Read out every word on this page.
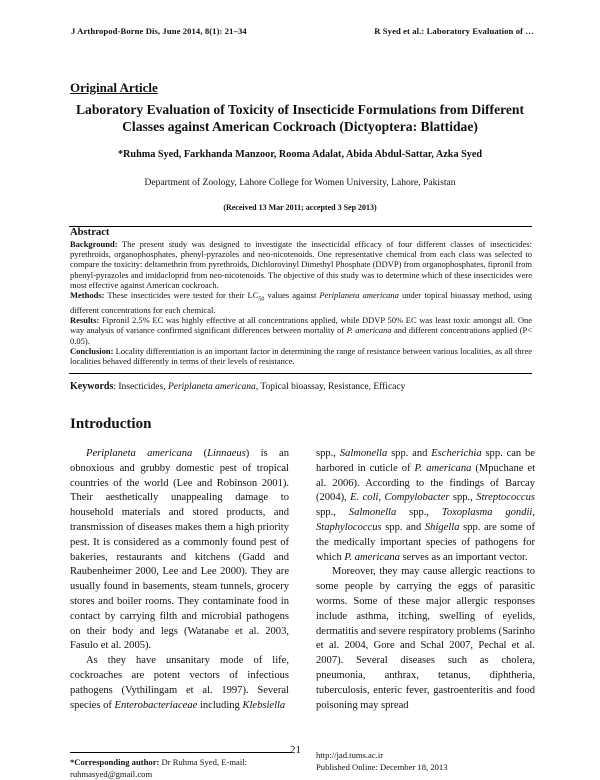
J Arthropod-Borne Dis, June 2014, 8(1): 21–34	R Syed et al.: Laboratory Evaluation of …
Original Article
Laboratory Evaluation of Toxicity of Insecticide Formulations from Different Classes against American Cockroach (Dictyoptera: Blattidae)
*Ruhma Syed, Farkhanda Manzoor, Rooma Adalat, Abida Abdul-Sattar, Azka Syed
Department of Zoology, Lahore College for Women University, Lahore, Pakistan
(Received 13 Mar 2011; accepted 3 Sep 2013)
Abstract

Background: The present study was designed to investigate the insecticidal efficacy of four different classes of insecticides: pyrethroids, organophosphates, phenyl-pyrazoles and neo-nicotenoids. One representative chemical from each class was selected to compare the toxicity: deltamethrin from pyrethroids, Dichlorovinyl Dimethyl Phosphate (DDVP) from organophosphates, fipronil from phenyl-pyrazoles and imidacloprid from neo-nicotenoids. The objective of this study was to determine which of these insecticides were most effective against American cockroach.

Methods: These insecticides were tested for their $LC_{50}$ values against Periplaneta americana under topical bioassay method, using different concentrations for each chemical.

Results: Fipronil 2.5% EC was highly effective at all concentrations applied, while DDVP 50% EC was least toxic amongst all. One way analysis of variance confirmed significant differences between mortality of P. americana and different concentrations applied (P< 0.05).

Conclusion: Locality differentiation is an important factor in determining the range of resistance between various localities, as all three localities behaved differently in terms of their levels of resistance.

Keywords: Insecticides, Periplaneta americana, Topical bioassay, Resistance, Efficacy
Introduction

Periplaneta americana (Linnaeus) is an obnoxious and grubby domestic pest of tropical countries of the world (Lee and Robinson 2001). Their aesthetically unappealing damage to household materials and stored products, and transmission of diseases makes them a high priority pest. It is considered as a commonly found pest of bakeries, restaurants and kitchens (Gadd and Raubenheimer 2000, Lee and Lee 2000). They are usually found in basements, steam tunnels, grocery stores and boiler rooms. They contaminate food in contact by carrying filth and microbial pathogens on their body and legs (Watanabe et al. 2003, Fasulo et al. 2005).

As they have unsanitary mode of life, cockroaches are potent vectors of infectious pathogens (Vythilingam et al. 1997). Several species of Enterobacteriaceae including Klebsiella

spp., Salmonella spp. and Escherichia spp. can be harbored in cuticle of P. americana (Mpuchane et al. 2006). According to the findings of Barcay (2004), E. coli, Compylobacter spp., Streptococcus spp., Salmonella spp., Toxoplasma gondii, Staphylococcus spp. and Shigella spp. are some of the medically important species of pathogens for which P. americana serves as an important vector.

Moreover, they may cause allergic reactions to some people by carrying the eggs of parasitic worms. Some of these major allergic responses include asthma, itching, swelling of eyelids, dermatitis and severe respiratory problems (Sarinho et al. 2004, Gore and Schal 2007, Pechal et al. 2007). Several diseases such as cholera, pneumonia, anthrax, tetanus, diphtheria, tuberculosis, enteric fever, gastroenteritis and food poisoning may spread

21
*Corresponding author: Dr Ruhma Syed, E-mail: ruhmasyed@gmail.com
http://jad.tums.ac.ir
Published Online: December 18, 2013
